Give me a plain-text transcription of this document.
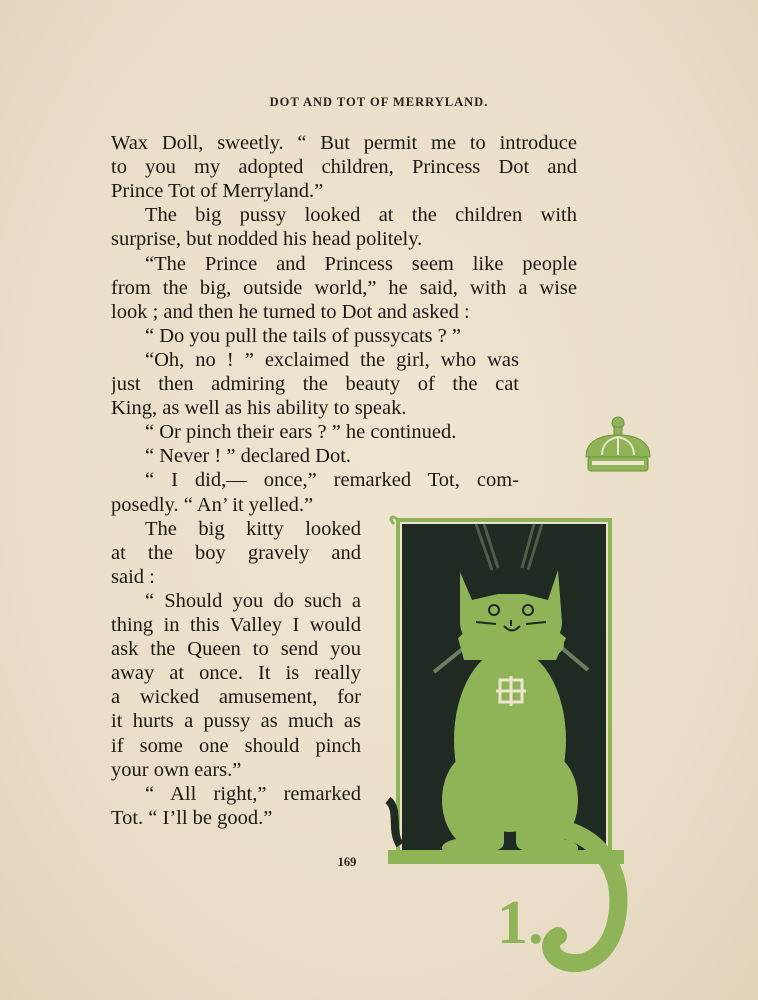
DOT AND TOT OF MERRYLAND.
Wax Doll, sweetly. “ But permit me to introduce
to you my adopted children, Princess Dot and
Prince Tot of Merryland.”
The big pussy looked at the children with
surprise, but nodded his head politely.
“The Prince and Princess seem like people
from the big, outside world,” he said, with a wise
look ; and then he turned to Dot and asked :
“ Do you pull the tails of pussycats ? ”
“Oh, no ! ” exclaimed the girl, who was
just then admiring the beauty of the cat
King, as well as his ability to speak.
“ Or pinch their ears ? ” he continued.
“ Never ! ” declared Dot.
“ I did,— once,” remarked Tot, com-
posedly. “ An’ it yelled.”
The big kitty looked
at the boy gravely and
said :
“ Should you do such a
thing in this Valley I would
ask the Queen to send you
away at once. It is really
a wicked amusement, for
it hurts a pussy as much as
if some one should pinch
your own ears.”
“ All right,” remarked
Tot. “ I’ll be good.”
169
1.
